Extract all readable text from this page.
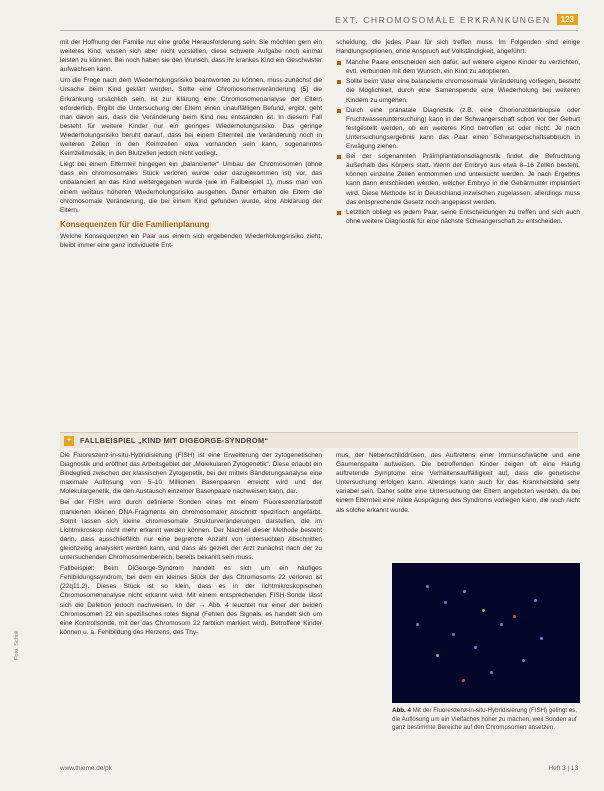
EXT. CHROMOSOMALE ERKRANKUNGEN	123

mit der Hoffnung der Familie nur eine große Herausforderung sein. Sie möchten gern ein weiteres Kind, wissen sich aber nicht vorstellen, diese schwere Aufgabe noch einmal leisten zu können. Bei noch haben sie den Wunsch, dass ihr krankes Kind ein Geschwister aufwachsen kann.

Um die Frage nach dem Wiederholungsrisiko beantworten zu können, muss zunächst die Ursache beim Kind geklärt werden. Sollte eine Chromosomenveränderung (5) die Erkrankung ursächlich sein, ist zur Klärung eine Chromosomenanalyse der Eltern erforderlich. Ergibt die Untersuchung der Eltern einen unauffälligen Befund, ergibt, geht man davon aus, dass die Veränderung beim Kind neu entstanden ist. In diesem Fall besteht für weitere Kinder nur ein geringes Wiederholungsrisiko. Das geringe Wiederholungsrisiko beruht darauf, dass bei einem Elternteil die Veränderung noch in weiteren Zellen in den Keimzellen etwa vorhanden sein kann, sogenanntes Keimzellmosaik; in den Blutzellen jedoch nicht vorliegt.

Liegt bei einem Elternteil hingegen ein „balancierter“ Umbau der Chromosomen (ohne dass ein chromosomales Stück verloren wurde oder dazugekommen ist) vor, das unbalanciert an das Kind weitergegeben wurde (wie im Fallbeispiel 1), muss man von einem weitaus höheren Wiederholungsrisiko ausgehen. Daher erhalten die Eltern die chromosomale Veränderung, die bei einem Kind gefunden wurde, eine Abklärung der Eltern.

Konsequenzen für die Familienplanung

Welche Konsequenzen ein Paar aus einem sich ergebenden Wiederholungsrisiko zieht, bleibt immer eine ganz individuelle Ent-

scheidung, die jedes Paar für sich treffen muss. Im Folgenden sind einige Handlungsoptionen, ohne Anspruch auf Vollständigkeit, angeführt:

Manche Paare entscheiden sich dafür, auf weitere eigene Kinder zu verzichten, evtl. verbunden mit dem Wunsch, ein Kind zu adoptieren.
Sollte beim Vater eine balancierte chromosomale Veränderung vorliegen, besteht die Möglichkeit, durch eine Samenspende eine Wiederholung bei weiteren Kindern zu umgehen.
Durch eine pränatale Diagnostik (z.B. eine Chorionzottenbiopsie oder Fruchtwasseruntersuchung) kann in der Schwangerschaft schon vor der Geburt festgestellt werden, ob ein weiteres Kind betroffen ist oder nicht. Je nach Untersuchungsergebnis kann das Paar einen Schwangerschaftsabbruch in Erwägung ziehen.
Bei der sogenannten Präimplantationsdiagnostik findet die Befruchtung außerhalb des Körpers statt. Wenn der Embryo aus etwa 8–16 Zellen besteht, können einzelne Zellen entnommen und untersucht werden. Je nach Ergebnis kann dann entschieden werden, welcher Embryo in die Gebärmutter implantiert wird. Diese Methode ist in Deutschland inzwischen zugelassen, allerdings muss das entsprechende Gesetz noch angepasst werden.
Letztlich obliegt es jedem Paar, seine Entscheidungen zu treffen und sich auch ohne weitere Diagnostik für eine nächste Schwangerschaft zu entscheiden.
+	FALLBEISPIEL „KIND MIT DIGEORGE-SYNDROM“

Die Fluoreszenz-in-situ-Hybridisierung (FISH) ist eine Erweiterung der zytogenetischen Diagnostik und eröffnet das Arbeitsgebiet der „Molekularen Zytogenetik“. Diese erlaubt ein Bindeglied zwischen der klassischen Zytogenetik, bei der mittels Bänderungsanalyse eine maximale Auflösung von 5–10 Millionen Basenpaaren erreicht wird und der Molekulargenetik, die den Austausch einzelner Basenpaare nachweisen kann, dar.

Bei der FISH wird durch definierte Sonden eines mit einem Fluoreszenzfarbstoff markierten kleinen DNA-Fragments ein chromosomaler Abschnitt spezifisch angefärbt. Somit lassen sich kleine chromosomale Strukturveränderungen darstellen, die im Lichtmikroskop nicht mehr erkannt werden können. Der Nachteil dieser Methode besteht darin, dass ausschließlich nur eine begrenzte Anzahl von untersuchten Abschnitten gleichzeitig analysiert werden kann, und dass als gezielt der Arzt zunächst nach der zu untersuchenden Chromosomenbereich, bereits bekannt sein muss.

Fallbeispiel: Beim DiGeorge-Syndrom handelt es sich um ein häufiges Fehlbildungssyndrom, bei dem ein kleines Stück der des Chromosoms 22 verloren ist (22q11.2). Dieses Stück ist so klein, dass es in der lichtmikroskopischen Chromosomenanalyse nicht erkannt wird. Mit einem entsprechenden FISH-Sonde lässt sich die Deletion jedoch nachweisen. In der → Abb. 4 leuchtet nur einer der beiden Chromosomen 22 ein spezifisches rotes Signal (Fehlen des Signals, es handelt sich um eine Kontrollsonde, mit der das Chromosom 22 farblich markiert wird). Betroffene Kinder können u. a. Fehlbildung des Herzens, des Thy-

mus, der Nebenschilddrüsen, des Auftretens einer Immunschwäche und eine Gaumenspalte aufweisen. Die betroffenden Kinder zeigen oft eine Häufig auftretende Symptome eine Verhaltensauffälligkeit auf, dass die genetische Untersuchung erfolgen kann. Allerdings kann auch für das Krankheitsbild sehr variabel sein. Daher sollte eine Untersuchung der Eltern angeboten werden, da bei einem Elternteil eine milde Ausprägung des Syndroms vorliegen kann, die noch nicht als solche erkannt wurde.

Abb. 4 Mit der Fluoreszenz-in-situ-Hybridisierung (FISH) gelingt es, die Auflösung um ein Vielfaches höher zu machen, weil Sonden auf ganz bestimmte Bereiche auf den Chromosomen ansetzen.
Foto: Scholl
www.thieme.de/pk	Heft 3 | 13
